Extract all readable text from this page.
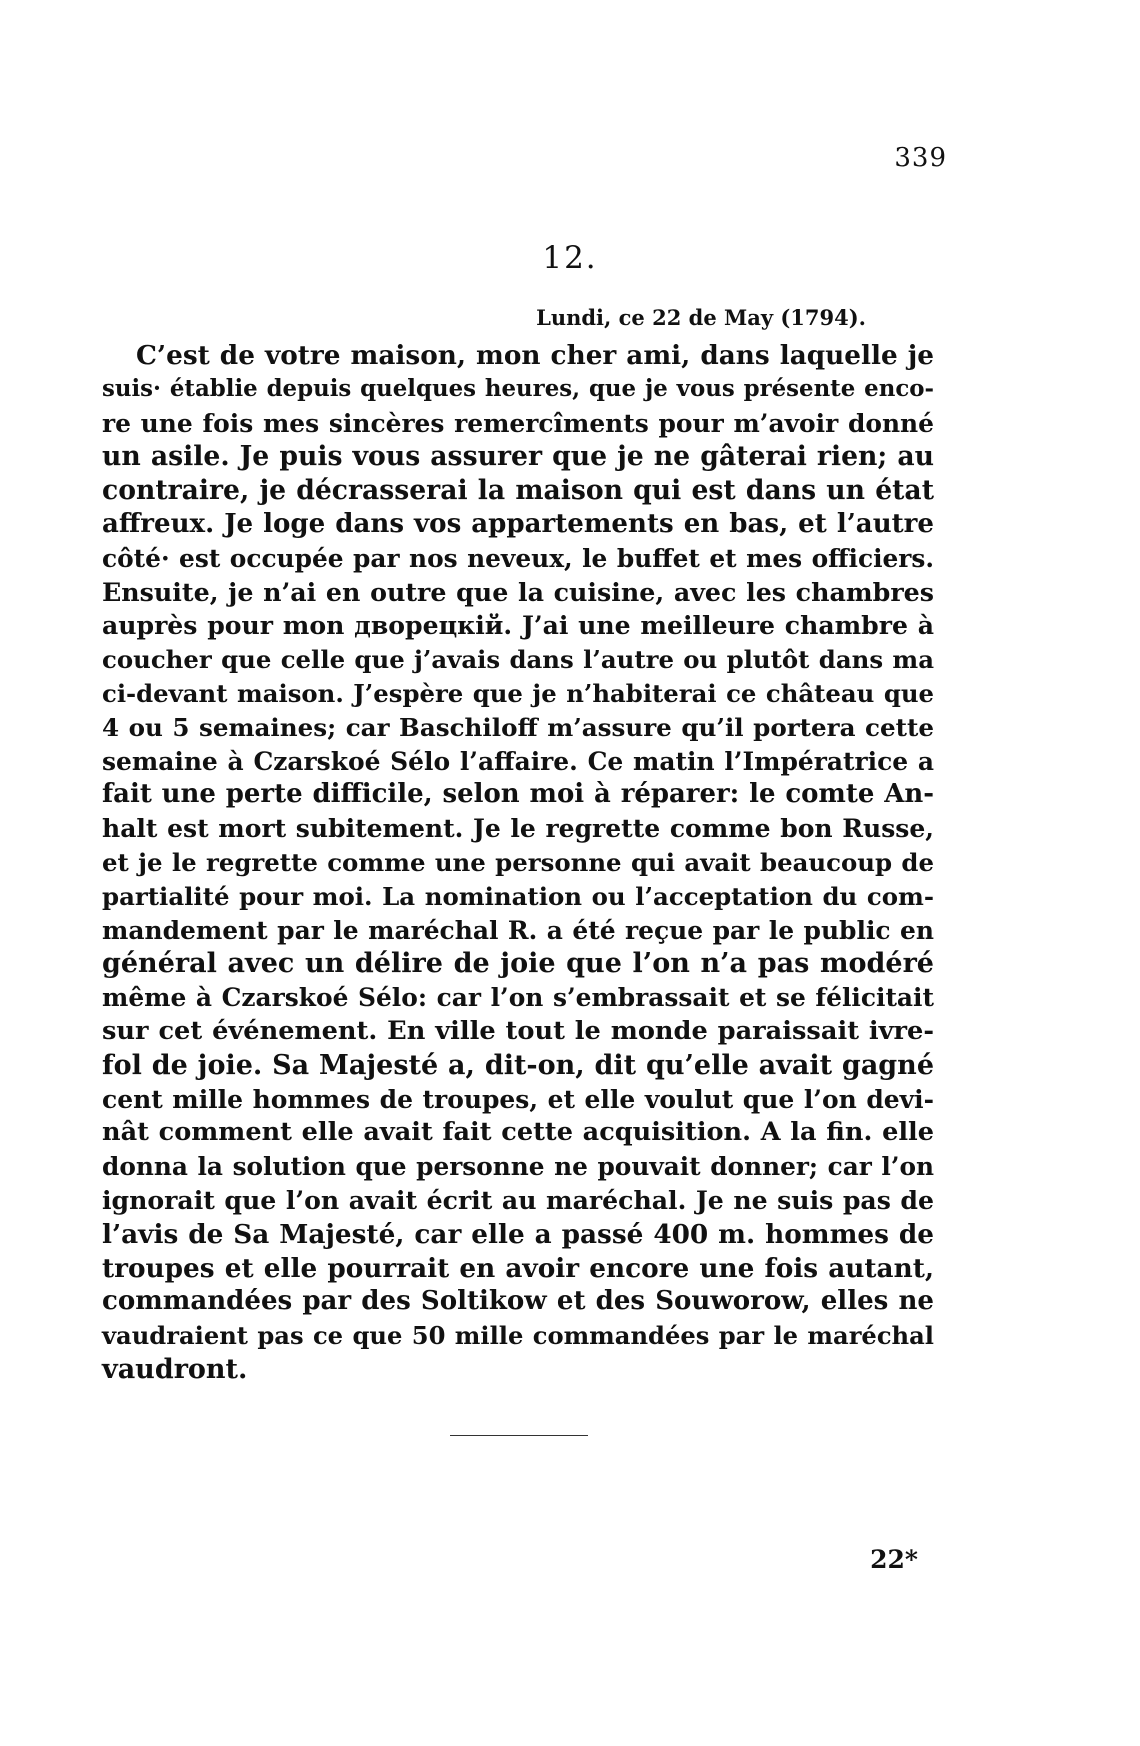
339
12.
Lundi, ce 22 de May (1794).
C’est de votre maison, mon cher ami, dans laquelle je
suis· établie depuis quelques heures, que je vous présente enco-
re une fois mes sincères remercîments pour m’avoir donné
un asile. Je puis vous assurer que je ne gâterai rien; au
contraire, je décrasserai la maison qui est dans un état
affreux. Je loge dans vos appartements en bas, et l’autre
côté· est occupée par nos neveux, le buffet et mes officiers.
Ensuite, je n’ai en outre que la cuisine, avec les chambres
auprès pour mon дворецкій. J’ai une meilleure chambre à
coucher que celle que j’avais dans l’autre ou plutôt dans ma
ci-devant maison. J’espère que je n’habiterai ce château que
4 ou 5 semaines; car Baschiloff m’assure qu’il portera cette
semaine à Czarskoé Sélo l’affaire. Ce matin l’Impératrice a
fait une perte difficile, selon moi à réparer: le comte An-
halt est mort subitement. Je le regrette comme bon Russe,
et je le regrette comme une personne qui avait beaucoup de
partialité pour moi. La nomination ou l’acceptation du com-
mandement par le maréchal R. a été reçue par le public en
général avec un délire de joie que l’on n’a pas modéré
même à Czarskoé Sélo: car l’on s’embrassait et se félicitait
sur cet événement. En ville tout le monde paraissait ivre-
fol de joie. Sa Majesté a, dit-on, dit qu’elle avait gagné
cent mille hommes de troupes, et elle voulut que l’on devi-
nât comment elle avait fait cette acquisition. A la fin. elle
donna la solution que personne ne pouvait donner; car l’on
ignorait que l’on avait écrit au maréchal. Je ne suis pas de
l’avis de Sa Majesté, car elle a passé 400 m. hommes de
troupes et elle pourrait en avoir encore une fois autant,
commandées par des Soltikow et des Souworow, elles ne
vaudraient pas ce que 50 mille commandées par le maréchal
vaudront.
22*
